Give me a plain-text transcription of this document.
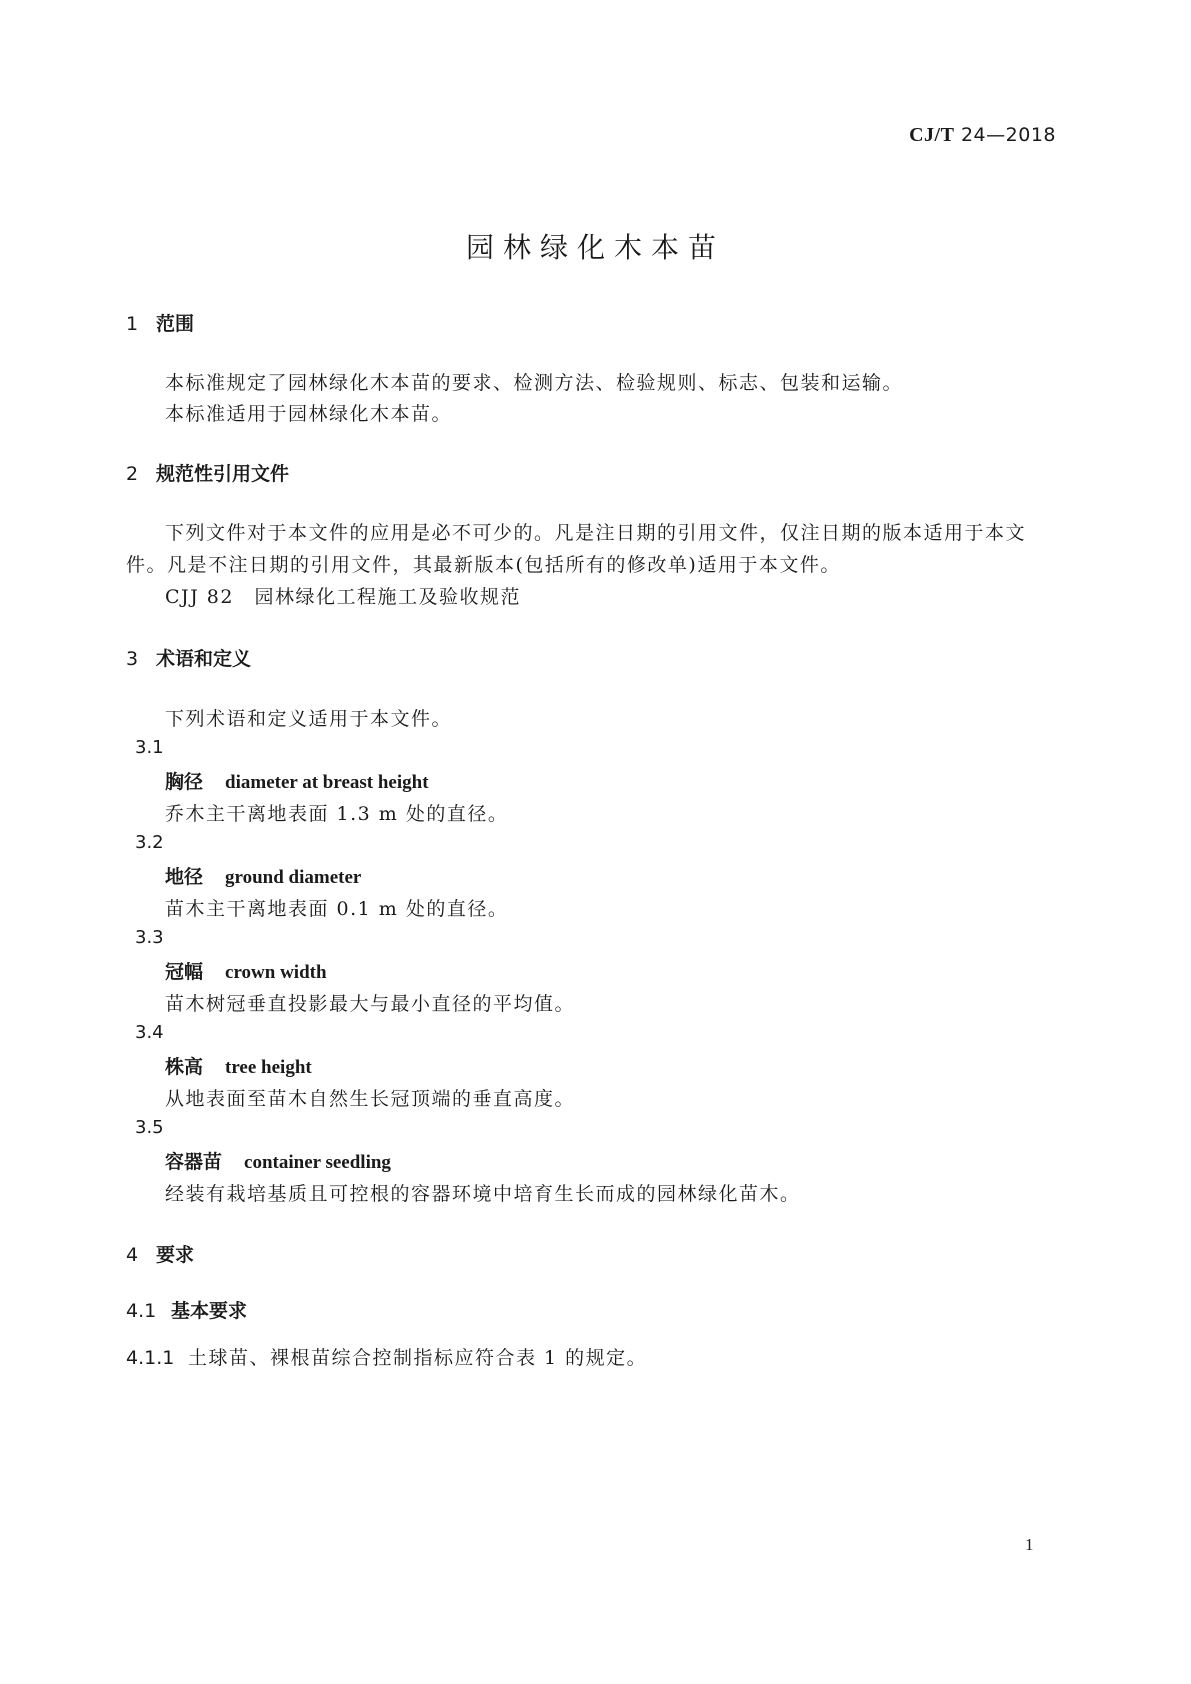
CJ/T 24—2018
园林绿化木本苗
1 范围
本标准规定了园林绿化木本苗的要求、检测方法、检验规则、标志、包装和运输。
本标准适用于园林绿化木本苗。
2 规范性引用文件
下列文件对于本文件的应用是必不可少的。凡是注日期的引用文件，仅注日期的版本适用于本文
件。凡是不注日期的引用文件，其最新版本(包括所有的修改单)适用于本文件。
CJJ 82　园林绿化工程施工及验收规范
3 术语和定义
下列术语和定义适用于本文件。
3.1
胸径 diameter at breast height
乔木主干离地表面 1.3 m 处的直径。
3.2
地径 ground diameter
苗木主干离地表面 0.1 m 处的直径。
3.3
冠幅 crown width
苗木树冠垂直投影最大与最小直径的平均值。
3.4
株高 tree height
从地表面至苗木自然生长冠顶端的垂直高度。
3.5
容器苗 container seedling
经装有栽培基质且可控根的容器环境中培育生长而成的园林绿化苗木。
4 要求
4.1 基本要求
4.1.1 土球苗、裸根苗综合控制指标应符合表 1 的规定。
1
